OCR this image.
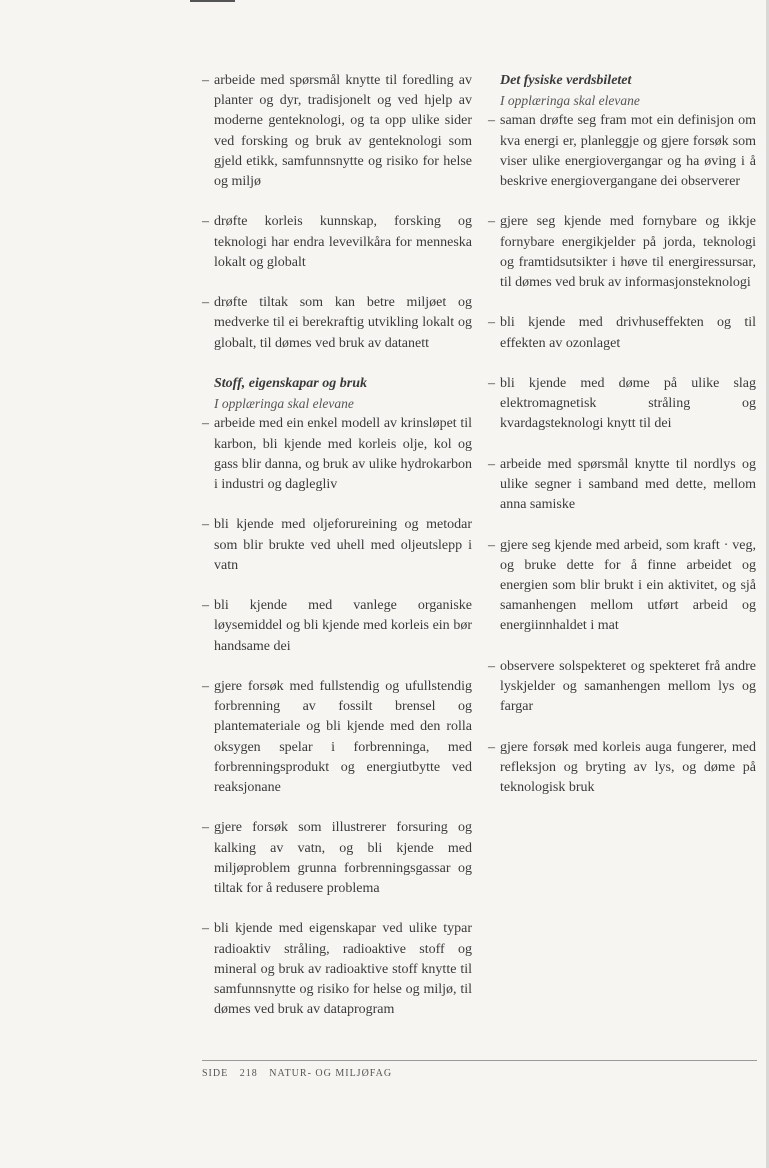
– arbeide med spørsmål knytte til foredling av planter og dyr, tradisjonelt og ved hjelp av moderne genteknologi, og ta opp ulike sider ved forsking og bruk av genteknologi som gjeld etikk, samfunnsnytte og risiko for helse og miljø

– drøfte korleis kunnskap, forsking og teknologi har endra levevilkåra for menneska lokalt og globalt

– drøfte tiltak som kan betre miljøet og medverke til ei berekraftig utvikling lokalt og globalt, til dømes ved bruk av datanett

Stoff, eigenskapar og bruk

I opplæringa skal elevane

– arbeide med ein enkel modell av krinsløpet til karbon, bli kjende med korleis olje, kol og gass blir danna, og bruk av ulike hydrokarbon i industri og daglegliv

– bli kjende med oljeforureining og metodar som blir brukte ved uhell med oljeutslepp i vatn

– bli kjende med vanlege organiske løysemiddel og bli kjende med korleis ein bør handsame dei

– gjere forsøk med fullstendig og ufullstendig forbrenning av fossilt brensel og plantemateriale og bli kjende med den rolla oksygen spelar i forbrenninga, med forbrenningsprodukt og energiutbytte ved reaksjonane

– gjere forsøk som illustrerer forsuring og kalking av vatn, og bli kjende med miljøproblem grunna forbrenningsgassar og tiltak for å redusere problema

– bli kjende med eigenskapar ved ulike typar radioaktiv stråling, radioaktive stoff og mineral og bruk av radioaktive stoff knytte til samfunnsnytte og risiko for helse og miljø, til dømes ved bruk av dataprogram

Det fysiske verdsbiletet

I opplæringa skal elevane

– saman drøfte seg fram mot ein definisjon om kva energi er, planleggje og gjere forsøk som viser ulike energiovergangar og ha øving i å beskrive energiovergangane dei observerer

– gjere seg kjende med fornybare og ikkje fornybare energikjelder på jorda, teknologi og framtidsutsikter i høve til energiressursar, til dømes ved bruk av informasjonsteknologi

– bli kjende med drivhuseffekten og til effekten av ozonlaget

– bli kjende med døme på ulike slag elektromagnetisk stråling og kvardagsteknologi knytt til dei

– arbeide med spørsmål knytte til nordlys og ulike segner i samband med dette, mellom anna samiske

– gjere seg kjende med arbeid, som kraft · veg, og bruke dette for å finne arbeidet og energien som blir brukt i ein aktivitet, og sjå samanhengen mellom utført arbeid og energiinnhaldet i mat

– observere solspekteret og spekteret frå andre lyskjelder og samanhengen mellom lys og fargar

– gjere forsøk med korleis auga fungerer, med refleksjon og bryting av lys, og døme på teknologisk bruk

SIDE 218 NATUR- OG MILJØFAG
